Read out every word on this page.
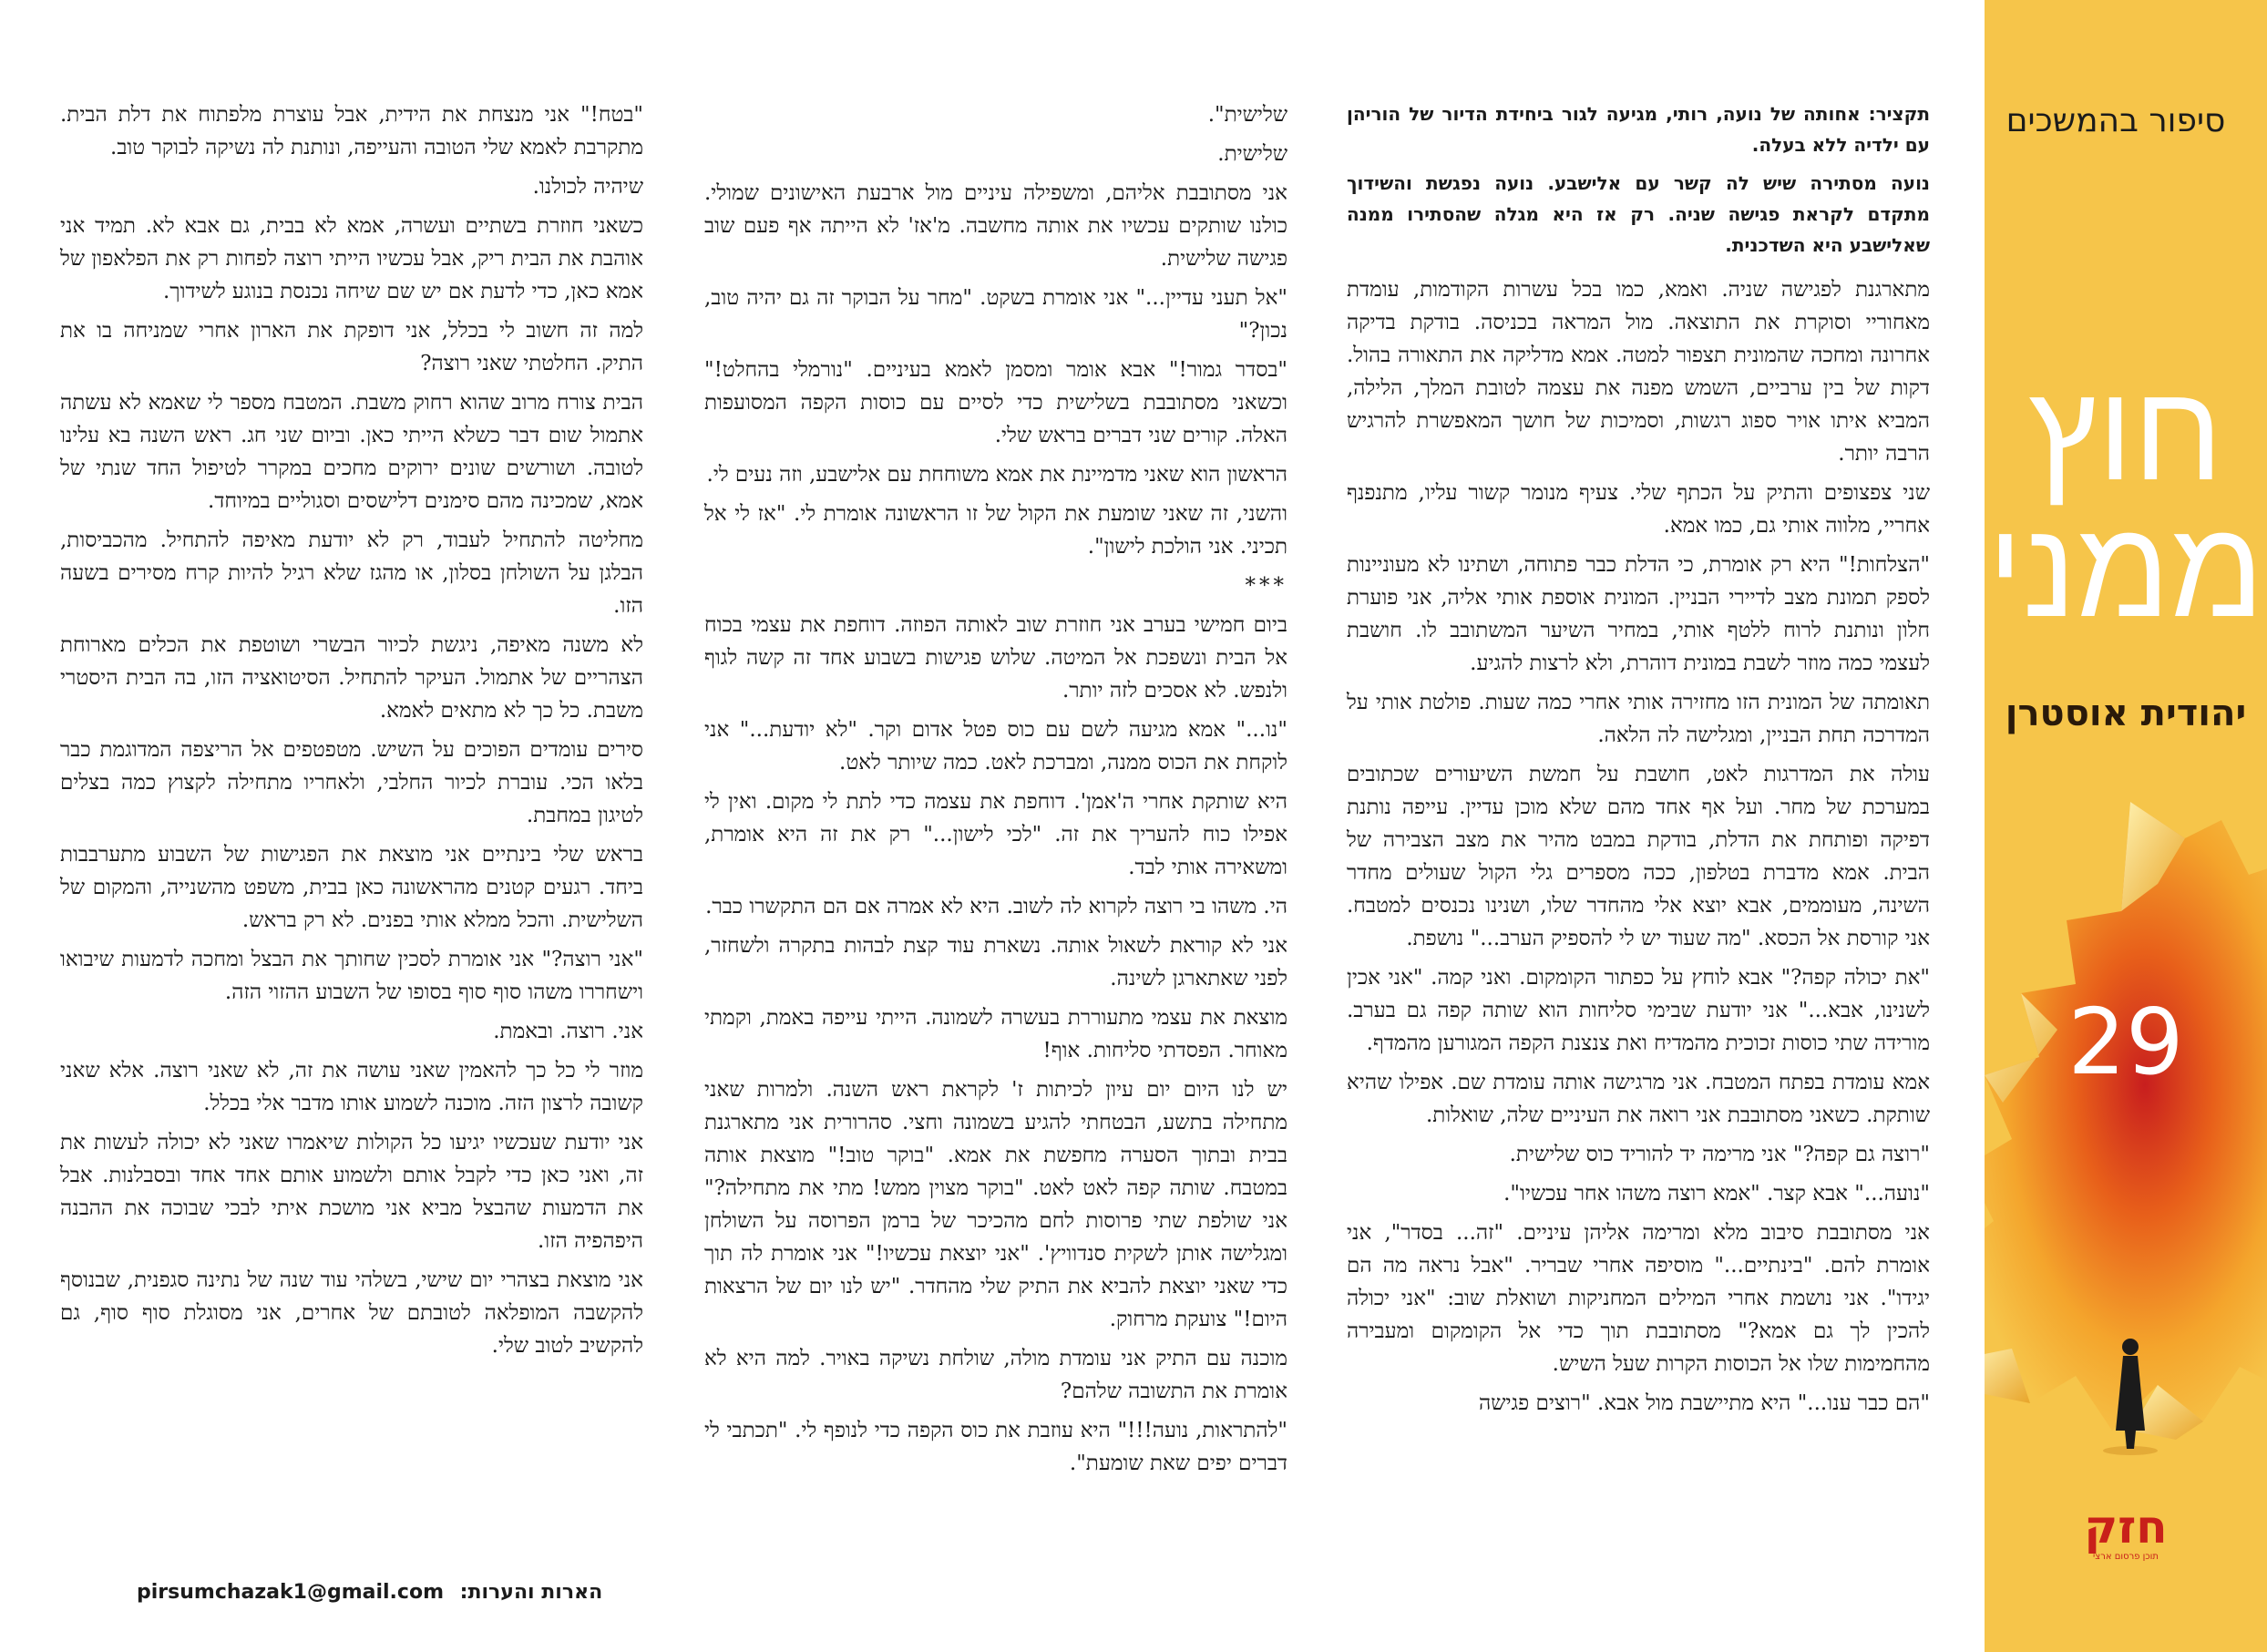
תקציר: אחותה של נועה, רותי, מגיעה לגור ביחידת הדיור של הוריהן עם ילדיה ללא בעלה.

נועה מסתירה שיש לה קשר עם אלישבע. נועה נפגשת והשידוך מתקדם לקראת פגישה שניה. רק אז היא מגלה שהסתירו ממנה שאלישבע היא השדכנית.

מתארגנת לפגישה שניה. ואמא, כמו בכל עשרות הקודמות, עומדת מאחוריי וסוקרת את התוצאה. מול המראה בכניסה. בודקת בדיקה אחרונה ומחכה שהמונית תצפור למטה. אמא מדליקה את התאורה בהול. דקות של בין ערביים, השמש מפנה את עצמה לטובת המלך, הלילה, המביא איתו אויר ספוג רגשות, וסמיכות של חושך המאפשרת להרגיש הרבה יותר.

שני צפצופים והתיק על הכתף שלי. צעיף מנומר קשור עליו, מתנפנף אחריי, מלווה אותי גם, כמו אמא.

"הצלחות!" היא רק אומרת, כי הדלת כבר פתוחה, ושתינו לא מעוניינות לספק תמונת מצב לדיירי הבניין. המונית אוספת אותי אליה, אני פוערת חלון ונותנת לרוח ללטף אותי, במחיר השיער המשתובב לו. חושבת לעצמי כמה מוזר לשבת במונית דוהרת, ולא לרצות להגיע.

תאומתה של המונית הזו מחזירה אותי אחרי כמה שעות. פולטת אותי על המדרכה תחת הבניין, ומגלישה לה הלאה.

עולה את המדרגות לאט, חושבת על חמשת השיעורים שכתובים במערכת של מחר. ועל אף אחד מהם שלא מוכן עדיין. עייפה נותנת דפיקה ופותחת את הדלת, בודקת במבט מהיר את מצב הצבירה של הבית. אמא מדברת בטלפון, ככה מספרים גלי הקול שעולים מחדר השינה, מעוממים, אבא יוצא אלי מהחדר שלו, ושנינו נכנסים למטבח. אני קורסת אל הכסא. "מה שעוד יש לי להספיק הערב..." נושפת.

"את יכולה קפה?" אבא לוחץ על כפתור הקומקום. ואני קמה. "אני אכין לשנינו, אבא..." אני יודעת שבימי סליחות הוא שותה קפה גם בערב. מורידה שתי כוסות זכוכית מהמדיח ואת צנצנת הקפה המגורען מהמדף.

אמא עומדת בפתח המטבח. אני מרגישה אותה עומדת שם. אפילו שהיא שותקת. כשאני מסתובבת אני רואה את העיניים שלה, שואלות.

"רוצה גם קפה?" אני מרימה יד להוריד כוס שלישית.

"נועה..." אבא קצר. "אמא רוצה משהו אחר עכשיו".

אני מסתובבת סיבוב מלא ומרימה אליהן עיניים. "זה... בסדר", אני אומרת להם. "בינתיים..." מוסיפה אחרי שבריר. "אבל נראה מה הם יגידו". אני נושמת אחרי המילים המחניקות ושואלת שוב: "אני יכולה להכין לך גם אמא?" מסתובבת תוך כדי אל הקומקום ומעבירה מהחמימות שלו אל הכוסות הקרות שעל השיש.

"הם כבר ענו..." היא מתיישבת מול אבא. "רוצים פגישה

שלישית".

שלישית.

אני מסתובבת אליהם, ומשפילה עיניים מול ארבעת האישונים שמולי. כולנו שותקים עכשיו את אותה מחשבה. מ'אז' לא הייתה אף פעם שוב פגישה שלישית.

"אל תעני עדיין..." אני אומרת בשקט. "מחר על הבוקר זה גם יהיה טוב, נכון?"

"בסדר גמור!" אבא אומר ומסמן לאמא בעיניים. "נורמלי בהחלט!" וכשאני מסתובבת בשלישית כדי לסיים עם כוסות הקפה המסועפות האלה. קורים שני דברים בראש שלי.

הראשון הוא שאני מדמיינת את אמא משוחחת עם אלישבע, וזה נעים לי.

והשני, זה שאני שומעת את הקול של זו הראשונה אומרת לי. "אז לי אל תכיני. אני הולכת לישון".

***

ביום חמישי בערב אני חוזרת שוב לאותה הפוזה. דוחפת את עצמי בכוח אל הבית ונשפכת אל המיטה. שלוש פגישות בשבוע אחד זה קשה לגוף ולנפש. לא אסכים לזה יותר.

"נו..." אמא מגיעה לשם עם כוס פטל אדום וקר. "לא יודעת..." אני לוקחת את הכוס ממנה, ומברכת לאט. כמה שיותר לאט.

היא שותקת אחרי ה'אמן'. דוחפת את עצמה כדי לתת לי מקום. ואין לי אפילו כוח להעריך את זה. "לכי לישון..." רק את זה היא אומרת, ומשאירה אותי לבד.

הי. משהו בי רוצה לקרוא לה לשוב. היא לא אמרה אם הם התקשרו כבר.

אני לא קוראת לשאול אותה. נשארת עוד קצת לבהות בתקרה ולשחזר, לפני שאתארגן לשינה.

מוצאת את עצמי מתעוררת בעשרה לשמונה. הייתי עייפה באמת, וקמתי מאוחר. הפסדתי סליחות. אוף!

יש לנו היום יום עיון לכיתות ז' לקראת ראש השנה. ולמרות שאני מתחילה בתשע, הבטחתי להגיע בשמונה וחצי. סהרורית אני מתארגנת בבית ובתוך הסערה מחפשת את אמא. "בוקר טוב!" מוצאת אותה במטבח. שותה קפה לאט לאט. "בוקר מצוין ממש! מתי את מתחילה?" אני שולפת שתי פרוסות לחם מהכיכר של ברמן הפרוסה על השולחן ומגלישה אותן לשקית סנדוויץ'. "אני יוצאת עכשיו!" אני אומרת לה תוך כדי שאני יוצאת להביא את התיק שלי מהחדר. "יש לנו יום של הרצאות היום!" צועקת מרחוק.

מוכנה עם התיק אני עומדת מולה, שולחת נשיקה באויר. למה היא לא אומרת את התשובה שלהם?

"להתראות, נועה!!!" היא עוזבת את כוס הקפה כדי לנופף לי. "תכתבי לי דברים יפים שאת שומעת".

"בטח!" אני מנצחת את הידית, אבל עוצרת מלפתוח את דלת הבית. מתקרבת לאמא שלי הטובה והעייפה, ונותנת לה נשיקה לבוקר טוב.

שיהיה לכולנו.

כשאני חוזרת בשתיים ועשרה, אמא לא בבית, גם אבא לא. תמיד אני אוהבת את הבית ריק, אבל עכשיו הייתי רוצה לפחות רק את הפלאפון של אמא כאן, כדי לדעת אם יש שם שיחה נכנסת בנוגע לשידוך.

למה זה חשוב לי בכלל, אני דופקת את הארון אחרי שמניחה בו את התיק. החלטתי שאני רוצה?

הבית צורח מרוב שהוא רחוק משבת. המטבח מספר לי שאמא לא עשתה אתמול שום דבר כשלא הייתי כאן. וביום שני חג. ראש השנה בא עלינו לטובה. ושורשים שונים ירוקים מחכים במקרר לטיפול החד שנתי של אמא, שמכינה מהם סימנים דלישסים וסגוליים במיוחד.

מחליטה להתחיל לעבוד, רק לא יודעת מאיפה להתחיל. מהכביסות, הבלגן על השולחן בסלון, או מהגז שלא רגיל להיות קרח מסירים בשעה הזו.

לא משנה מאיפה, ניגשת לכיור הבשרי ושוטפת את הכלים מארוחת הצהריים של אתמול. העיקר להתחיל. הסיטואציה הזו, בה הבית היסטרי משבת. כל כך לא מתאים לאמא.

סירים עומדים הפוכים על השיש. מטפטפים אל הריצפה המדוגמת כבר בלאו הכי. עוברת לכיור החלבי, ולאחריו מתחילה לקצוץ כמה בצלים לטיגון במחבת.

בראש שלי בינתיים אני מוצאת את הפגישות של השבוע מתערבבות ביחד. רגעים קטנים מהראשונה כאן בבית, משפט מהשנייה, והמקום של השלישית. והכל ממלא אותי בפנים. לא רק בראש.

"אני רוצה?" אני אומרת לסכין שחותך את הבצל ומחכה לדמעות שיבואו וישחררו משהו סוף סוף בסופו של השבוע ההזוי הזה.

אני. רוצה. ובאמת.

מוזר לי כל כך להאמין שאני עושה את זה, לא שאני רוצה. אלא שאני קשובה לרצון הזה. מוכנה לשמוע אותו מדבר אלי בכלל.

אני יודעת שעכשיו יגיעו כל הקולות שיאמרו שאני לא יכולה לעשות את זה, ואני כאן כדי לקבל אותם ולשמוע אותם אחד אחד ובסבלנות. אבל את הדמעות שהבצל מביא אני מושכת איתי לבכי שבוכה את ההבנה היפהפיה הזו.

אני מוצאת בצהרי יום שישי, בשלהי עוד שנה של נתינה סגפנית, שבנוסף להקשבה המופלאה לטובתם של אחרים, אני מסוגלת סוף סוף, גם להקשיב לטוב שלי.

pirsumchazak1@gmail.com הארות והערות:
סיפור בהמשכים
חוץ
ממני
יהודית אוסטרן
29
חזק
תוכן פרסום ארצי
